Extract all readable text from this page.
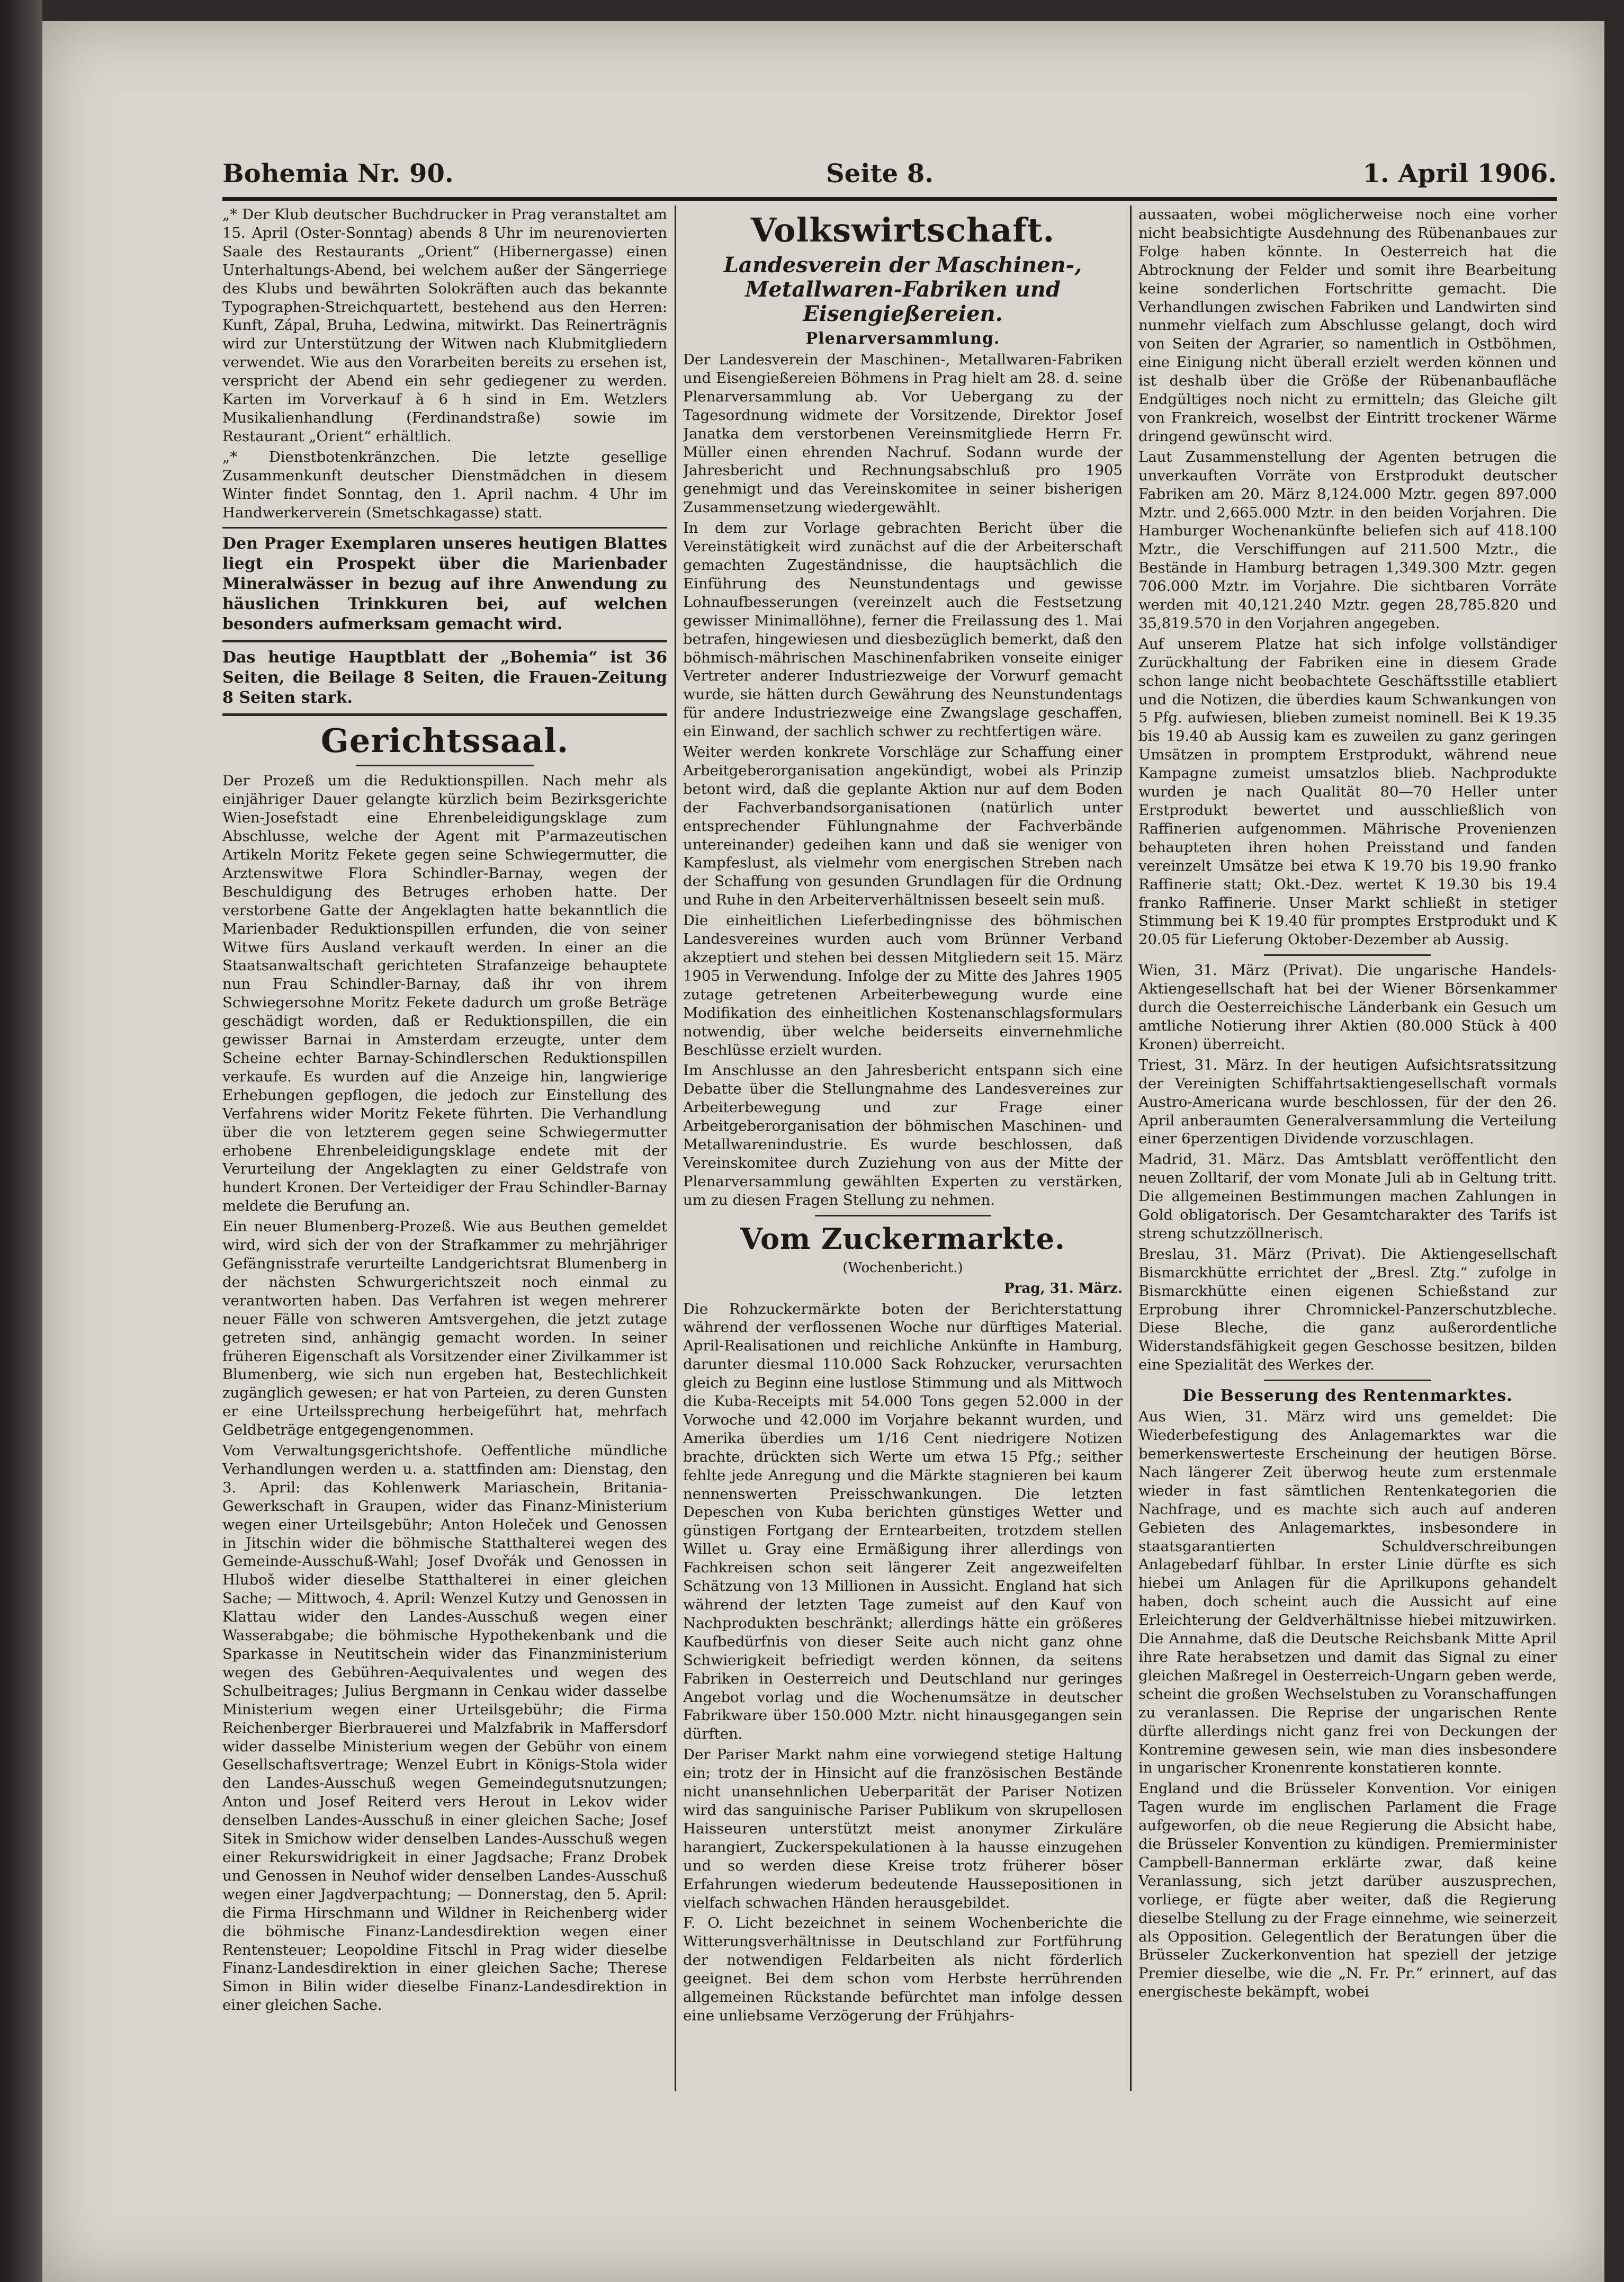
Bohemia Nr. 90.	Seite 8.	1. April 1906.

„* Der Klub deutscher Buchdrucker in Prag veranstaltet am 15. April (Oster-Sonntag) abends 8 Uhr im neurenovierten Saale des Restaurants „Orient“ (Hibernergasse) einen Unterhaltungs-Abend, bei welchem außer der Sängerriege des Klubs und bewährten Solokräften auch das bekannte Typographen-Streichquartett, bestehend aus den Herren: Kunft, Zápal, Bruha, Ledwina, mitwirkt. Das Reinerträgnis wird zur Unterstützung der Witwen nach Klubmitgliedern verwendet. Wie aus den Vorarbeiten bereits zu ersehen ist, verspricht der Abend ein sehr gediegener zu werden. Karten im Vorverkauf à 6 h sind in Em. Wetzlers Musikalienhandlung (Ferdinandstraße) sowie im Restaurant „Orient“ erhältlich.

„* Dienstbotenkränzchen. Die letzte gesellige Zusammenkunft deutscher Dienstmädchen in diesem Winter findet Sonntag, den 1. April nachm. 4 Uhr im Handwerkerverein (Smetschkagasse) statt.

Den Prager Exemplaren unseres heutigen Blattes liegt ein Prospekt über die Marienbader Mineralwässer in bezug auf ihre Anwendung zu häuslichen Trinkkuren bei, auf welchen besonders aufmerksam gemacht wird.

Das heutige Hauptblatt der „Bohemia“ ist 36 Seiten, die Beilage 8 Seiten, die Frauen-Zeitung 8 Seiten stark.

Gerichtssaal.

Der Prozeß um die Reduktionspillen. Nach mehr als einjähriger Dauer gelangte kürzlich beim Bezirksgerichte Wien-Josefstadt eine Ehrenbeleidigungsklage zum Abschlusse, welche der Agent mit P'armazeutischen Artikeln Moritz Fekete gegen seine Schwiegermutter, die Arztenswitwe Flora Schindler-Barnay, wegen der Beschuldigung des Betruges erhoben hatte. Der verstorbene Gatte der Angeklagten hatte bekanntlich die Marienbader Reduktionspillen erfunden, die von seiner Witwe fürs Ausland verkauft werden. In einer an die Staatsanwaltschaft gerichteten Strafanzeige behauptete nun Frau Schindler-Barnay, daß ihr von ihrem Schwiegersohne Moritz Fekete dadurch um große Beträge geschädigt worden, daß er Reduktionspillen, die ein gewisser Barnai in Amsterdam erzeugte, unter dem Scheine echter Barnay-Schindlerschen Reduktionspillen verkaufe. Es wurden auf die Anzeige hin, langwierige Erhebungen gepflogen, die jedoch zur Einstellung des Verfahrens wider Moritz Fekete führten. Die Verhandlung über die von letzterem gegen seine Schwiegermutter erhobene Ehrenbeleidigungsklage endete mit der Verurteilung der Angeklagten zu einer Geldstrafe von hundert Kronen. Der Verteidiger der Frau Schindler-Barnay meldete die Berufung an.

Ein neuer Blumenberg-Prozeß. Wie aus Beuthen gemeldet wird, wird sich der von der Strafkammer zu mehrjähriger Gefängnisstrafe verurteilte Landgerichtsrat Blumenberg in der nächsten Schwurgerichtszeit noch einmal zu verantworten haben. Das Verfahren ist wegen mehrerer neuer Fälle von schweren Amtsvergehen, die jetzt zutage getreten sind, anhängig gemacht worden. In seiner früheren Eigenschaft als Vorsitzender einer Zivilkammer ist Blumenberg, wie sich nun ergeben hat, Bestechlichkeit zugänglich gewesen; er hat von Parteien, zu deren Gunsten er eine Urteilssprechung herbeigeführt hat, mehrfach Geldbeträge entgegengenommen.

Vom Verwaltungsgerichtshofe. Oeffentliche mündliche Verhandlungen werden u. a. stattfinden am: Dienstag, den 3. April: das Kohlenwerk Mariaschein, Britania-Gewerkschaft in Graupen, wider das Finanz-Ministerium wegen einer Urteilsgebühr; Anton Holeček und Genossen in Jitschin wider die böhmische Statthalterei wegen des Gemeinde-Ausschuß-Wahl; Josef Dvořák und Genossen in Hluboš wider dieselbe Statthalterei in einer gleichen Sache; — Mittwoch, 4. April: Wenzel Kutzy und Genossen in Klattau wider den Landes-Ausschuß wegen einer Wasserabgabe; die böhmische Hypothekenbank und die Sparkasse in Neutitschein wider das Finanzministerium wegen des Gebühren-Aequivalentes und wegen des Schulbeitrages; Julius Bergmann in Cenkau wider dasselbe Ministerium wegen einer Urteilsgebühr; die Firma Reichenberger Bierbrauerei und Malzfabrik in Maffersdorf wider dasselbe Ministerium wegen der Gebühr von einem Gesellschaftsvertrage; Wenzel Eubrt in Königs-Stola wider den Landes-Ausschuß wegen Gemeindegutsnutzungen; Anton und Josef Reiterd vers Herout in Lekov wider denselben Landes-Ausschuß in einer gleichen Sache; Josef Sitek in Smichow wider denselben Landes-Ausschuß wegen einer Rekurswidrigkeit in einer Jagdsache; Franz Drobek und Genossen in Neuhof wider denselben Landes-Ausschuß wegen einer Jagdverpachtung; — Donnerstag, den 5. April: die Firma Hirschmann und Wildner in Reichenberg wider die böhmische Finanz-Landesdirektion wegen einer Rentensteuer; Leopoldine Fitschl in Prag wider dieselbe Finanz-Landesdirektion in einer gleichen Sache; Therese Simon in Bilin wider dieselbe Finanz-Landesdirektion in einer gleichen Sache.

Volkswirtschaft.
Landesverein der Maschinen-, Metallwaren-Fabriken und Eisengießereien.
Plenarversammlung.

Der Landesverein der Maschinen-, Metallwaren-Fabriken und Eisengießereien Böhmens in Prag hielt am 28. d. seine Plenarversammlung ab. Vor Uebergang zu der Tagesordnung widmete der Vorsitzende, Direktor Josef Janatka dem verstorbenen Vereinsmitgliede Herrn Fr. Müller einen ehrenden Nachruf. Sodann wurde der Jahresbericht und Rechnungsabschluß pro 1905 genehmigt und das Vereinskomitee in seiner bisherigen Zusammensetzung wiedergewählt.

In dem zur Vorlage gebrachten Bericht über die Vereinstätigkeit wird zunächst auf die der Arbeiterschaft gemachten Zugeständnisse, die hauptsächlich die Einführung des Neunstundentags und gewisse Lohnaufbesserungen (vereinzelt auch die Festsetzung gewisser Minimallöhne), ferner die Freilassung des 1. Mai betrafen, hingewiesen und diesbezüglich bemerkt, daß den böhmisch-mährischen Maschinenfabriken vonseite einiger Vertreter anderer Industriezweige der Vorwurf gemacht wurde, sie hätten durch Gewährung des Neunstundentags für andere Industriezweige eine Zwangslage geschaffen, ein Einwand, der sachlich schwer zu rechtfertigen wäre.

Weiter werden konkrete Vorschläge zur Schaffung einer Arbeitgeberorganisation angekündigt, wobei als Prinzip betont wird, daß die geplante Aktion nur auf dem Boden der Fachverbandsorganisationen (natürlich unter entsprechender Fühlungnahme der Fachverbände untereinander) gedeihen kann und daß sie weniger von Kampfeslust, als vielmehr vom energischen Streben nach der Schaffung von gesunden Grundlagen für die Ordnung und Ruhe in den Arbeiterverhältnissen beseelt sein muß.

Die einheitlichen Lieferbedingnisse des böhmischen Landesvereines wurden auch vom Brünner Verband akzeptiert und stehen bei dessen Mitgliedern seit 15. März 1905 in Verwendung. Infolge der zu Mitte des Jahres 1905 zutage getretenen Arbeiterbewegung wurde eine Modifikation des einheitlichen Kostenanschlagsformulars notwendig, über welche beiderseits einvernehmliche Beschlüsse erzielt wurden.

Im Anschlusse an den Jahresbericht entspann sich eine Debatte über die Stellungnahme des Landesvereines zur Arbeiterbewegung und zur Frage einer Arbeitgeberorganisation der böhmischen Maschinen- und Metallwarenindustrie. Es wurde beschlossen, daß Vereinskomitee durch Zuziehung von aus der Mitte der Plenarversammlung gewählten Experten zu verstärken, um zu diesen Fragen Stellung zu nehmen.

Vom Zuckermarkte.

(Wochenbericht.)

Prag, 31. März.

Die Rohzuckermärkte boten der Berichterstattung während der verflossenen Woche nur dürftiges Material. April-Realisationen und reichliche Ankünfte in Hamburg, darunter diesmal 110.000 Sack Rohzucker, verursachten gleich zu Beginn eine lustlose Stimmung und als Mittwoch die Kuba-Receipts mit 54.000 Tons gegen 52.000 in der Vorwoche und 42.000 im Vorjahre bekannt wurden, und Amerika überdies um 1/16 Cent niedrigere Notizen brachte, drückten sich Werte um etwa 15 Pfg.; seither fehlte jede Anregung und die Märkte stagnieren bei kaum nennenswerten Preisschwankungen. Die letzten Depeschen von Kuba berichten günstiges Wetter und günstigen Fortgang der Erntearbeiten, trotzdem stellen Willet u. Gray eine Ermäßigung ihrer allerdings von Fachkreisen schon seit längerer Zeit angezweifelten Schätzung von 13 Millionen in Aussicht. England hat sich während der letzten Tage zumeist auf den Kauf von Nachprodukten beschränkt; allerdings hätte ein größeres Kaufbedürfnis von dieser Seite auch nicht ganz ohne Schwierigkeit befriedigt werden können, da seitens Fabriken in Oesterreich und Deutschland nur geringes Angebot vorlag und die Wochenumsätze in deutscher Fabrikware über 150.000 Mztr. nicht hinausgegangen sein dürften.

Der Pariser Markt nahm eine vorwiegend stetige Haltung ein; trotz der in Hinsicht auf die französischen Bestände nicht unansehnlichen Ueberparität der Pariser Notizen wird das sanguinische Pariser Publikum von skrupellosen Haisseuren unterstützt meist anonymer Zirkuläre harangiert, Zuckerspekulationen à la hausse einzugehen und so werden diese Kreise trotz früherer böser Erfahrungen wiederum bedeutende Haussepositionen in vielfach schwachen Händen herausgebildet.

F. O. Licht bezeichnet in seinem Wochenberichte die Witterungsverhältnisse in Deutschland zur Fortführung der notwendigen Feldarbeiten als nicht förderlich geeignet. Bei dem schon vom Herbste herrührenden allgemeinen Rückstande befürchtet man infolge dessen eine unliebsame Verzögerung der Frühjahrs-

aussaaten, wobei möglicherweise noch eine vorher nicht beabsichtigte Ausdehnung des Rübenanbaues zur Folge haben könnte. In Oesterreich hat die Abtrocknung der Felder und somit ihre Bearbeitung keine sonderlichen Fortschritte gemacht. Die Verhandlungen zwischen Fabriken und Landwirten sind nunmehr vielfach zum Abschlusse gelangt, doch wird von Seiten der Agrarier, so namentlich in Ostböhmen, eine Einigung nicht überall erzielt werden können und ist deshalb über die Größe der Rübenanbaufläche Endgültiges noch nicht zu ermitteln; das Gleiche gilt von Frankreich, woselbst der Eintritt trockener Wärme dringend gewünscht wird.

Laut Zusammenstellung der Agenten betrugen die unverkauften Vorräte von Erstprodukt deutscher Fabriken am 20. März 8,124.000 Mztr. gegen 897.000 Mztr. und 2,665.000 Mztr. in den beiden Vorjahren. Die Hamburger Wochenankünfte beliefen sich auf 418.100 Mztr., die Verschiffungen auf 211.500 Mztr., die Bestände in Hamburg betragen 1,349.300 Mztr. gegen 706.000 Mztr. im Vorjahre. Die sichtbaren Vorräte werden mit 40,121.240 Mztr. gegen 28,785.820 und 35,819.570 in den Vorjahren angegeben.

Auf unserem Platze hat sich infolge vollständiger Zurückhaltung der Fabriken eine in diesem Grade schon lange nicht beobachtete Geschäftsstille etabliert und die Notizen, die überdies kaum Schwankungen von 5 Pfg. aufwiesen, blieben zumeist nominell. Bei K 19.35 bis 19.40 ab Aussig kam es zuweilen zu ganz geringen Umsätzen in promptem Erstprodukt, während neue Kampagne zumeist umsatzlos blieb. Nachprodukte wurden je nach Qualität 80—70 Heller unter Erstprodukt bewertet und ausschließlich von Raffinerien aufgenommen. Mährische Provenienzen behaupteten ihren hohen Preisstand und fanden vereinzelt Umsätze bei etwa K 19.70 bis 19.90 franko Raffinerie statt; Okt.-Dez. wertet K 19.30 bis 19.4 franko Raffinerie. Unser Markt schließt in stetiger Stimmung bei K 19.40 für promptes Erstprodukt und K 20.05 für Lieferung Oktober-Dezember ab Aussig.

Wien, 31. März (Privat). Die ungarische Handels-Aktiengesellschaft hat bei der Wiener Börsenkammer durch die Oesterreichische Länderbank ein Gesuch um amtliche Notierung ihrer Aktien (80.000 Stück à 400 Kronen) überreicht.

Triest, 31. März. In der heutigen Aufsichtsratssitzung der Vereinigten Schiffahrtsaktiengesellschaft vormals Austro-Americana wurde beschlossen, für der den 26. April anberaumten Generalversammlung die Verteilung einer 6perzentigen Dividende vorzuschlagen.

Madrid, 31. März. Das Amtsblatt veröffentlicht den neuen Zolltarif, der vom Monate Juli ab in Geltung tritt. Die allgemeinen Bestimmungen machen Zahlungen in Gold obligatorisch. Der Gesamtcharakter des Tarifs ist streng schutzzöllnerisch.

Breslau, 31. März (Privat). Die Aktiengesellschaft Bismarckhütte errichtet der „Bresl. Ztg.“ zufolge in Bismarckhütte einen eigenen Schießstand zur Erprobung ihrer Chromnickel-Panzerschutzbleche. Diese Bleche, die ganz außerordentliche Widerstandsfähigkeit gegen Geschosse besitzen, bilden eine Spezialität des Werkes der.

Die Besserung des Rentenmarktes.

Aus Wien, 31. März wird uns gemeldet: Die Wiederbefestigung des Anlagemarktes war die bemerkenswerteste Erscheinung der heutigen Börse. Nach längerer Zeit überwog heute zum erstenmale wieder in fast sämtlichen Rentenkategorien die Nachfrage, und es machte sich auch auf anderen Gebieten des Anlagemarktes, insbesondere in staatsgarantierten Schuldverschreibungen Anlagebedarf fühlbar. In erster Linie dürfte es sich hiebei um Anlagen für die Aprilkupons gehandelt haben, doch scheint auch die Aussicht auf eine Erleichterung der Geldverhältnisse hiebei mitzuwirken. Die Annahme, daß die Deutsche Reichsbank Mitte April ihre Rate herabsetzen und damit das Signal zu einer gleichen Maßregel in Oesterreich-Ungarn geben werde, scheint die großen Wechselstuben zu Voranschaffungen zu veranlassen. Die Reprise der ungarischen Rente dürfte allerdings nicht ganz frei von Deckungen der Kontremine gewesen sein, wie man dies insbesondere in ungarischer Kronenrente konstatieren konnte.

England und die Brüsseler Konvention. Vor einigen Tagen wurde im englischen Parlament die Frage aufgeworfen, ob die neue Regierung die Absicht habe, die Brüsseler Konvention zu kündigen. Premierminister Campbell-Bannerman erklärte zwar, daß keine Veranlassung, sich jetzt darüber auszusprechen, vorliege, er fügte aber weiter, daß die Regierung dieselbe Stellung zu der Frage einnehme, wie seinerzeit als Opposition. Gelegentlich der Beratungen über die Brüsseler Zuckerkonvention hat speziell der jetzige Premier dieselbe, wie die „N. Fr. Pr.“ erinnert, auf das energischeste bekämpft, wobei
